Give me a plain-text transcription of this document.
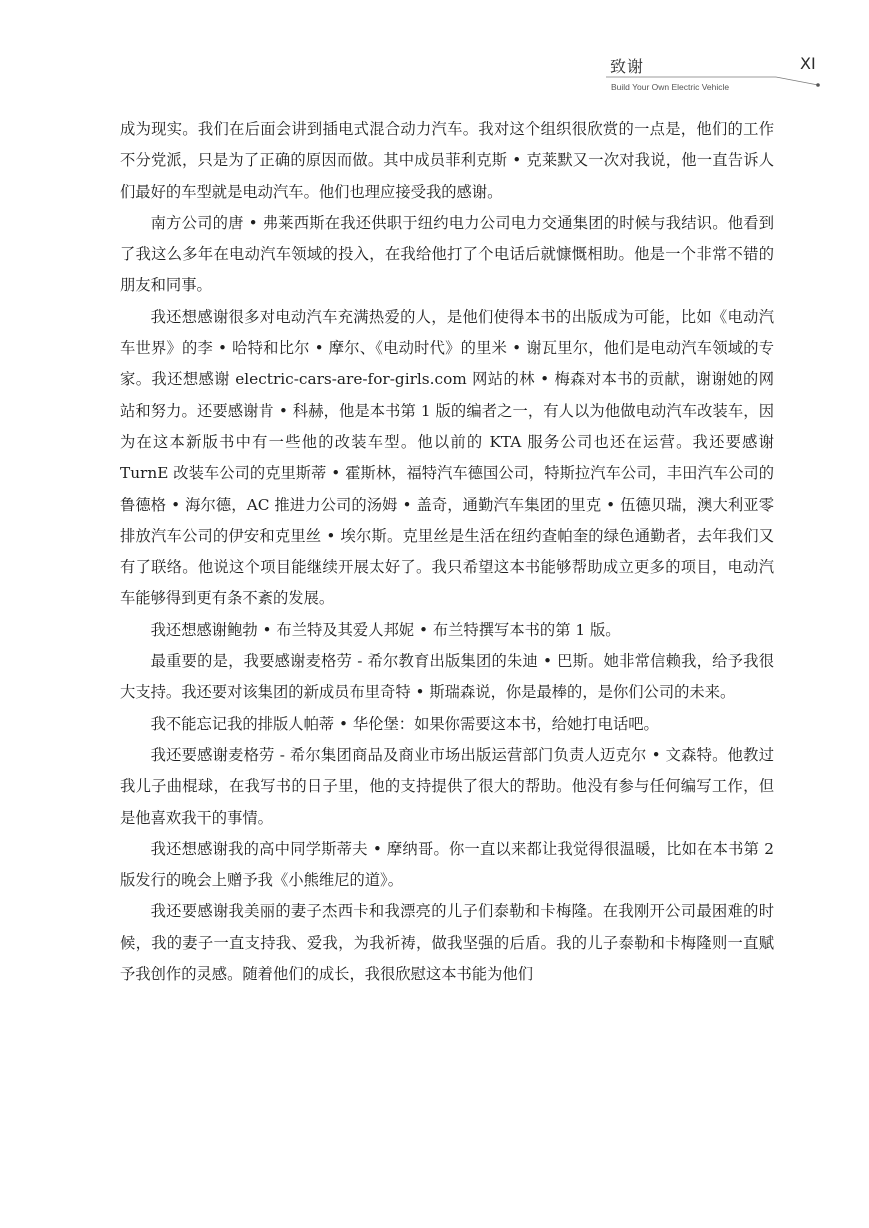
致谢	XI
Build Your Own Electric Vehicle

成为现实。我们在后面会讲到插电式混合动力汽车。我对这个组织很欣赏的一点是，他们的工作不分党派，只是为了正确的原因而做。其中成员菲利克斯 • 克莱默又一次对我说，他一直告诉人们最好的车型就是电动汽车。他们也理应接受我的感谢。

南方公司的唐 • 弗莱西斯在我还供职于纽约电力公司电力交通集团的时候与我结识。他看到了我这么多年在电动汽车领域的投入，在我给他打了个电话后就慷慨相助。他是一个非常不错的朋友和同事。

我还想感谢很多对电动汽车充满热爱的人，是他们使得本书的出版成为可能，比如《电动汽车世界》的李 • 哈特和比尔 • 摩尔、《电动时代》的里米 • 谢瓦里尔，他们是电动汽车领域的专家。我还想感谢 electric-cars-are-for-girls.com 网站的林 • 梅森对本书的贡献，谢谢她的网站和努力。还要感谢肯 • 科赫，他是本书第 1 版的编者之一，有人以为他做电动汽车改装车，因为在这本新版书中有一些他的改装车型。他以前的 KTA 服务公司也还在运营。我还要感谢 TurnE 改装车公司的克里斯蒂 • 霍斯林，福特汽车德国公司，特斯拉汽车公司，丰田汽车公司的鲁德格 • 海尔德，AC 推进力公司的汤姆 • 盖奇，通勤汽车集团的里克 • 伍德贝瑞，澳大利亚零排放汽车公司的伊安和克里丝 • 埃尔斯。克里丝是生活在纽约查帕奎的绿色通勤者，去年我们又有了联络。他说这个项目能继续开展太好了。我只希望这本书能够帮助成立更多的项目，电动汽车能够得到更有条不紊的发展。

我还想感谢鲍勃 • 布兰特及其爱人邦妮 • 布兰特撰写本书的第 1 版。

最重要的是，我要感谢麦格劳 - 希尔教育出版集团的朱迪 • 巴斯。她非常信赖我，给予我很大支持。我还要对该集团的新成员布里奇特 • 斯瑞森说，你是最棒的，是你们公司的未来。

我不能忘记我的排版人帕蒂 • 华伦堡：如果你需要这本书，给她打电话吧。

我还要感谢麦格劳 - 希尔集团商品及商业市场出版运营部门负责人迈克尔 • 文森特。他教过我儿子曲棍球，在我写书的日子里，他的支持提供了很大的帮助。他没有参与任何编写工作，但是他喜欢我干的事情。

我还想感谢我的高中同学斯蒂夫 • 摩纳哥。你一直以来都让我觉得很温暖，比如在本书第 2 版发行的晚会上赠予我《小熊维尼的道》。

我还要感谢我美丽的妻子杰西卡和我漂亮的儿子们泰勒和卡梅隆。在我刚开公司最困难的时候，我的妻子一直支持我、爱我，为我祈祷，做我坚强的后盾。我的儿子泰勒和卡梅隆则一直赋予我创作的灵感。随着他们的成长，我很欣慰这本书能为他们
